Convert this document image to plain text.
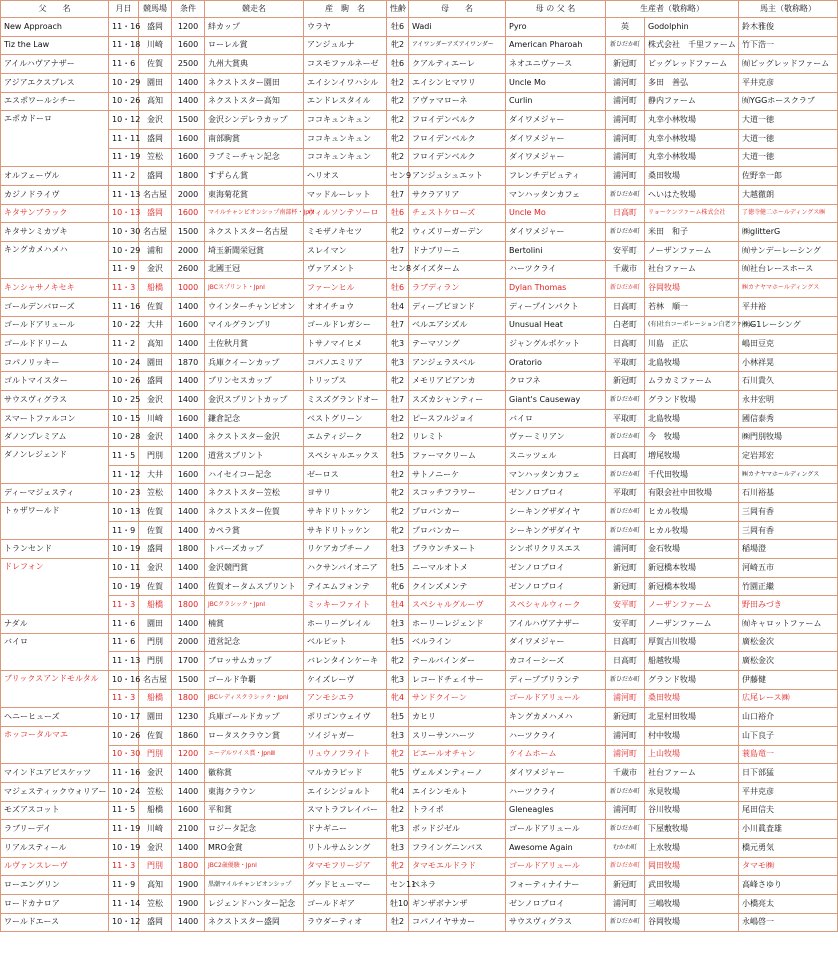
父　　名	月日	競馬場	条件	競走名	産　駒　名	性齢	母　　名	母 の 父 名	生産者（敬称略）		馬主（敬称略）
New Approach	11・16	盛岡	1200	絆カップ	ウラヤ	牡6	Wadi	Pyro	英	Godolphin	鈴木雅俊
Tiz the Law	11・18	川崎	1600	ローレル賞	アンジュルナ	牝2	アイワンダーアズアイワンダー	American Pharoah	新ひだか町	株式会社　千里ファーム	竹下浩一
アイルハヴアナザー	11・6	佐賀	2500	九州大賞典	コスモファルネーゼ	牡6	クアルティエーレ	ネオユニヴァース	新冠町	ビッグレッドファーム	㈲ビッグレッドファーム
アジアエクスプレス	10・29	園田	1400	ネクストスター園田	エイシンイワハシル	牡2	エイシンヒマワリ	Uncle Mo	浦河町	多田　善弘	平井克彦
エスポワールシチー	10・26	高知	1400	ネクストスター高知	エンドレスタイル	牝2	アヴァマローネ	Curlin	浦河町	静内ファーム	㈲YGGホースクラブ
エポカドーロ	10・12	金沢	1500	金沢シンデレラカップ	ココキュンキュン	牝2	フロイデンベルク	ダイワメジャー	浦河町	丸幸小林牧場	大道一徳
	11・11	盛岡	1600	南部駒賞	ココキュンキュン	牝2	フロイデンベルク	ダイワメジャー	浦河町	丸幸小林牧場	大道一徳
	11・19	笠松	1600	ラブミーチャン記念	ココキュンキュン	牝2	フロイデンベルク	ダイワメジャー	浦河町	丸幸小林牧場	大道一徳
オルフェーヴル	11・2	盛岡	1800	すずらん賞	ヘリオス	セン9	アンジュシュエット	フレンチデピュティ	浦河町	桑田牧場	佐野幸一郎
カジノドライヴ	11・13	名古屋	2000	東海菊花賞	マッドルーレット	牡7	サクラアリア	マンハッタンカフェ	新ひだか町	へいはた牧場	大越徹朗
キタサンブラック	10・13	盛岡	1600	マイルチャンピオンシップ南部杯・JpnⅠ	ウィルソンテソーロ	牡6	チェストケローズ	Uncle Mo	日高町	リョーケンファーム株式会社	了徳寺健二ホールディングス㈱
キタサンミカヅキ	10・30	名古屋	1500	ネクストスター名古屋	ミモザノキセツ	牝2	ウィズリーガーデン	ダイワメジャー	新ひだか町	米田　和子	㈱glitterG
キングカメハメハ	10・29	浦和	2000	埼玉新聞栄冠賞	スレイマン	牡7	ドナブリーニ	Bertolini	安平町	ノーザンファーム	㈲サンデーレーシング
	11・9	金沢	2600	北國王冠	ヴァアメント	セン8	ダイズターム	ハーツクライ	千歳市	社台ファーム	㈲社台レースホース
キンシャサノキセキ	11・3	船橋	1000	JBCスプリント・JpnⅠ	ファーンヒル	牡6	ラブディラン	Dylan Thomas	新ひだか町	谷岡牧場	㈱カナヤマホールディングス
ゴールデンバローズ	11・16	佐賀	1400	ウインターチャンピオン	オオイチョウ	牡4	ディープビヨンド	ディープインパクト	日高町	若林　順一	平井裕
ゴールドアリュール	10・22	大井	1600	マイルグランプリ	ゴールドレガシー	牡7	ベルエアシズル	Unusual Heat	白老町	(有)社台コーポレーション白老ファーム	㈱G1レーシング
ゴールドドリーム	11・2	高知	1400	土佐秋月賞	トサノマイヒメ	牝3	テーマソング	ジャングルポケット	日高町	川島　正広	嶋田豆克
コパノリッキー	10・24	園田	1870	兵庫クイーンカップ	コパノエミリア	牝3	アンジェラスベル	Oratorio	平取町	北島牧場	小林祥晃
ゴルトマイスター	10・26	盛岡	1400	プリンセスカップ	トリップス	牝2	メモリアビアンカ	クロフネ	新冠町	ムラカミファーム	石川貴久
サウスヴィグラス	10・25	金沢	1400	金沢スプリントカップ	ミスズグランドオー	牡7	スズカシャンティー	Giant's Causeway	新ひだか町	グランド牧場	永井宏明
スマートファルコン	10・15	川崎	1600	鎌倉記念	ベストグリーン	牡2	ピースフルジョイ	バイロ	平取町	北島牧場	國信泰秀
ダノンプレミアム	10・28	金沢	1400	ネクストスター金沢	エムティジーク	牡2	リレミト	ヴァーミリアン	新ひだか町	今　牧場	㈱門別牧場
ダノンレジェンド	11・5	門別	1200	道営スプリント	スペシャルエックス	牡5	ファーマクリーム	スニッツェル	日高町	増尾牧場	定岩邦宏
	11・12	大井	1600	ハイセイコー記念	ゼーロス	牡2	サトノニーケ	マンハッタンカフェ	新ひだか町	千代田牧場	㈱カナヤマホールディングス
ディーマジェスティ	10・23	笠松	1400	ネクストスター笠松	ヨサリ	牝2	スコッチフラワー	ゼンノロブロイ	平取町	有限会社中田牧場	石川裕基
トゥザワールド	10・13	佐賀	1400	ネクストスター佐賀	サキドリトッケン	牝2	プロバンカー	シーキングザダイヤ	新ひだか町	ヒカル牧場	三岡有香
	11・9	佐賀	1400	カペラ賞	サキドリトッケン	牝2	プロバンカー	シーキングザダイヤ	新ひだか町	ヒカル牧場	三岡有香
トランセンド	10・19	盛岡	1800	トパーズカップ	リケアカプチーノ	牡3	ブラウンチヌート	シンボリクリスエス	浦河町	金石牧場	稲場澄
ドレフォン	10・11	金沢	1400	金沢競門賞	ハクサンバイオニア	牡5	ニーマルオトメ	ゼンノロブロイ	新冠町	新冠橋本牧場	河崎五市
	10・19	佐賀	1400	佐賀オータムスプリント	テイエムフォンテ	牝6	クインズメンテ	ゼンノロブロイ	新冠町	新冠橋本牧場	竹園正繼
	11・3	船橋	1800	JBCクラシック・JpnⅠ	ミッキーファイト	牡4	スペシャルグルーヴ	スペシャルウィーク	安平町	ノーザンファーム	野田みづき
ナダル	11・6	園田	1400	楠賞	ホーリーグレイル	牡3	ホーリーレジェンド	アイルハヴアナザー	安平町	ノーザンファーム	㈲キャロットファーム
バイロ	11・6	門別	2000	道営記念	ベルピット	牡5	ベルライン	ダイワメジャー	日高町	厚賀古川牧場	廣松金次
	11・13	門別	1700	ブロッサムカップ	バレンタインケーキ	牝2	テールバインダー	カコイーシーズ	日高町	船越牧場	廣松金次
ブリックスアンドモルタル	10・16	名古屋	1500	ゴールド争覇	ケイズレーヴ	牝3	レコードチェイサー	ディープブリランテ	新ひだか町	グランド牧場	伊藤健
	11・3	船橋	1800	JBCレディスクラシック・JpnⅠ	アンモシエラ	牝4	サンドクイーン	ゴールドアリュール	浦河町	桑田牧場	広尾レース㈱
ヘニーヒューズ	10・17	園田	1230	兵庫ゴールドカップ	ポリゴンウェイヴ	牡5	カヒリ	キングカメハメハ	新冠町	北星村田牧場	山口裕介
ホッコータルマエ	10・26	佐賀	1860	ロータスクラウン賞	ソイジャガー	牡3	スリーサンハーツ	ハーツクライ	浦河町	村中牧場	山下良子
	10・30	門別	1200	エーデルワイス賞・JpnⅢ	リュウノフライト	牝2	ピエールオチャン	ケイムホーム	浦河町	上山牧場	蓑島竜一
マインドユアビスケッツ	11・16	金沢	1400	徽称賞	マルカラピッド	牝5	ヴェルメンティーノ	ダイワメジャー	千歳市	社台ファーム	日下部猛
マジェスティックウォリアー	10・24	笠松	1400	東海クラウン	エイシンジョルト	牝4	エイシンモルト	ハーツクライ	新ひだか町	氷見牧場	平井克彦
モズアスコット	11・5	船橋	1600	平和賞	スマトラフレイバー	牡2	トライポ	Gleneagles	浦河町	谷川牧場	尾田信夫
ラブリーデイ	11・19	川崎	2100	ロジータ記念	ドナギニー	牝3	ボッドジゼル	ゴールドアリュール	新ひだか町	下屋敷牧場	小川眞査雄
リアルスティール	10・19	金沢	1400	MRO金賞	リトルサムシング	牡3	フライングニンバス	Awesome Again	むかわ町	上水牧場	橋元勇気
ルヴァンスレーヴ	11・3	門別	1800	JBC2歳優駿・JpnⅠ	タマモフリージア	牝2	タマモエルドラド	ゴールドアリュール	新ひだか町	岡田牧場	タマモ㈱
ローエングリン	11・9	高知	1900	黒潮マイルチャンピオンシップ	グッドヒューマー	セン11	ペネラ	フォーティナイナー	新冠町	武田牧場	高峰さゆり
ロードカナロア	11・14	笠松	1900	レジェンドハンター記念	ゴールドギア	牡10	ギンザボナンザ	ゼンノロブロイ	浦河町	三嶋牧場	小橋亮太
ワールドエース	10・12	盛岡	1400	ネクストスター盛岡	ラウダーティオ	牡2	コパノイヤサカー	サウスヴィグラス	新ひだか町	谷岡牧場	永嶋啓一
